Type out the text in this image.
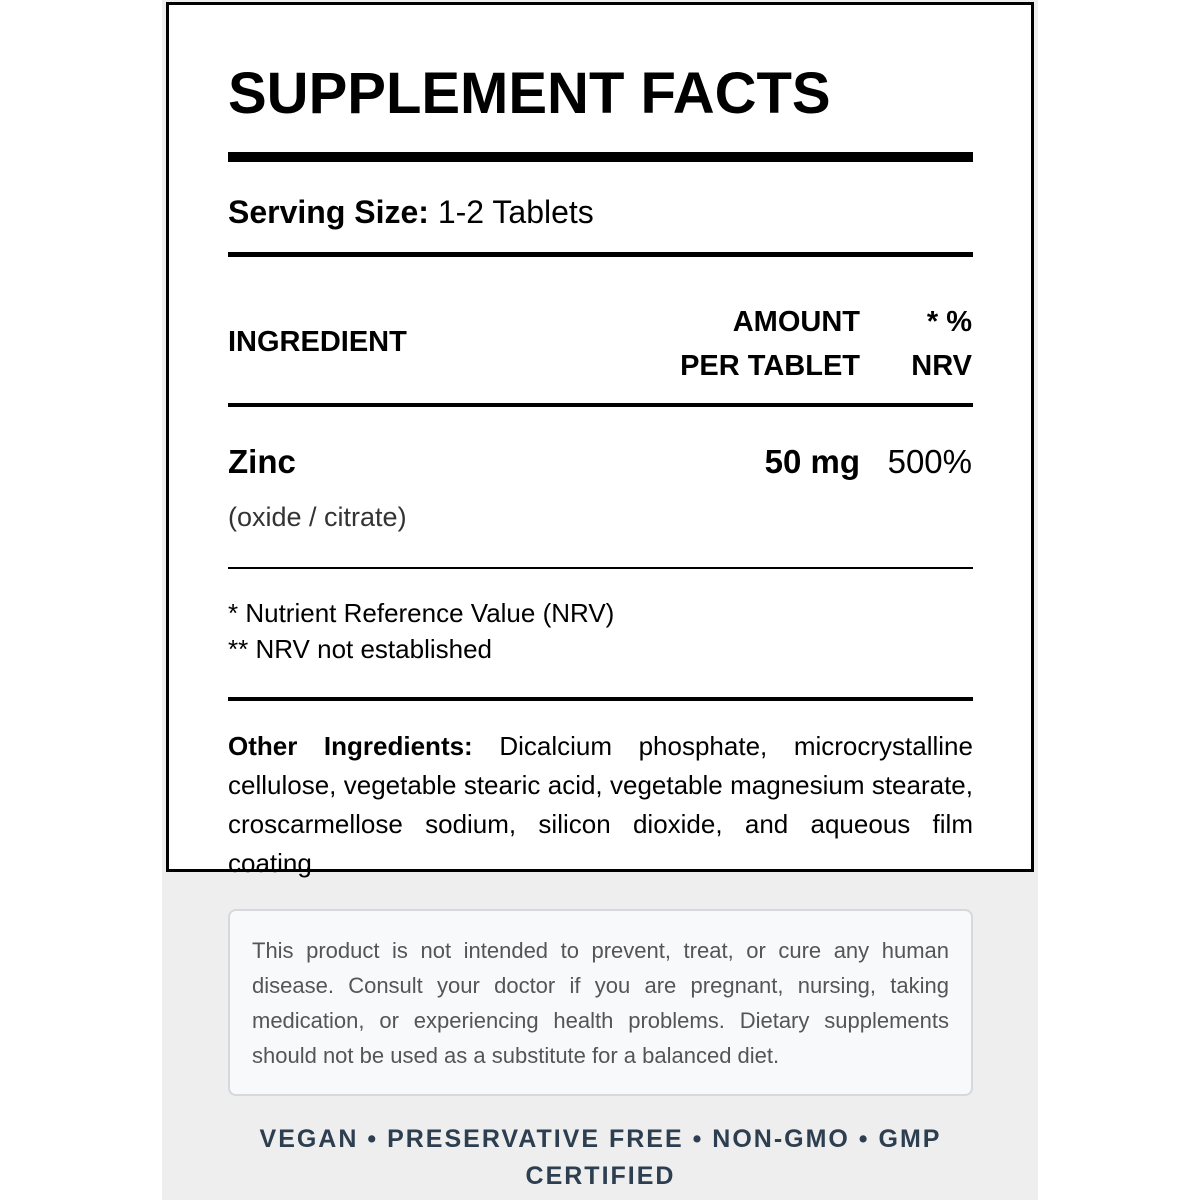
SUPPLEMENT FACTS
Serving Size: 1-2 Tablets
INGREDIENT
AMOUNT
PER TABLET
* %
NRV
Zinc
(oxide / citrate)
50 mg 500%
* Nutrient Reference Value (NRV)
** NRV not established
Other Ingredients: Dicalcium phosphate, microcrystalline cellulose, vegetable stearic acid, vegetable magnesium stearate, croscarmellose sodium, silicon dioxide, and aqueous film coating.
This product is not intended to prevent, treat, or cure any human disease. Consult your doctor if you are pregnant, nursing, taking medication, or experiencing health problems. Dietary supplements should not be used as a substitute for a balanced diet.
VEGAN • PRESERVATIVE FREE • NON-GMO • GMP CERTIFIED
